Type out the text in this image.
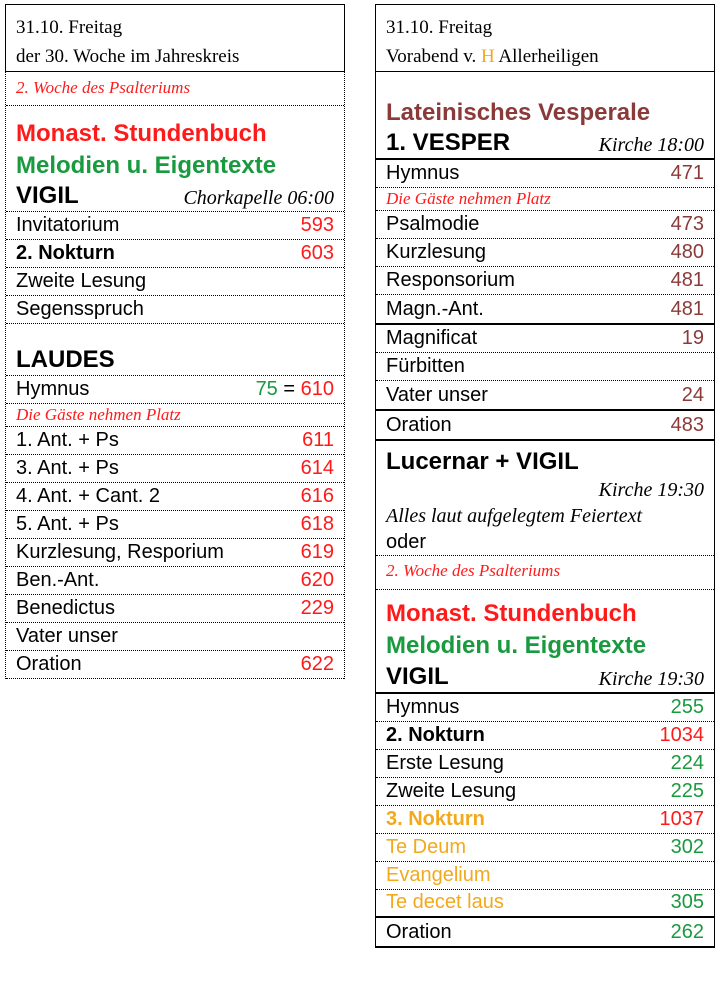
31.10. Freitag
der 30. Woche im Jahreskreis
2. Woche des Psalteriums
Monast. Stundenbuch
Melodien u. Eigentexte
VIGIL	Chorkapelle 06:00
Invitatorium	593
2. Nokturn	603
Zweite Lesung
Segensspruch
LAUDES
Hymnus	75 = 610
Die Gäste nehmen Platz
1. Ant. + Ps	611
3. Ant. + Ps	614
4. Ant. + Cant. 2	616
5. Ant. + Ps	618
Kurzlesung, Resporium	619
Ben.-Ant.	620
Benedictus	229
Vater unser
Oration	622
31.10. Freitag
Vorabend v. H Allerheiligen
Lateinisches Vesperale
1. VESPER	Kirche 18:00
Hymnus	471
Die Gäste nehmen Platz
Psalmodie	473
Kurzlesung	480
Responsorium	481
Magn.-Ant.	481
Magnificat	19
Fürbitten
Vater unser	24
Oration	483
Lucernar + VIGIL
Kirche 19:30
Alles laut aufgelegtem Feiertext
oder
2. Woche des Psalteriums
Monast. Stundenbuch
Melodien u. Eigentexte
VIGIL	Kirche 19:30
Hymnus	255
2. Nokturn	1034
Erste Lesung	224
Zweite Lesung	225
3. Nokturn	1037
Te Deum	302
Evangelium
Te decet laus	305
Oration	262
